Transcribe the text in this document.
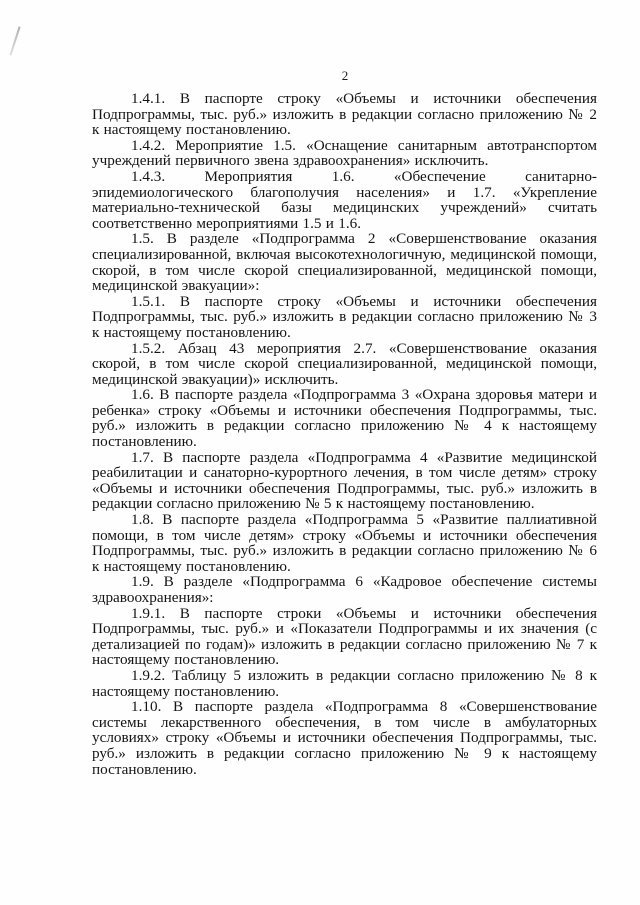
2

1.4.1. В паспорте строку «Объемы и источники обеспечения Подпрограммы, тыс. руб.» изложить в редакции согласно приложению № 2 к настоящему постановлению.

1.4.2. Мероприятие 1.5. «Оснащение санитарным автотранспортом учреждений первичного звена здравоохранения» исключить.

1.4.3. Мероприятия 1.6. «Обеспечение санитарно-эпидемиологического благополучия населения» и 1.7. «Укрепление материально-технической базы медицинских учреждений» считать соответственно мероприятиями 1.5 и 1.6.

1.5. В разделе «Подпрограмма 2 «Совершенствование оказания специализированной, включая высокотехнологичную, медицинской помощи, скорой, в том числе скорой специализированной, медицинской помощи, медицинской эвакуации»:

1.5.1. В паспорте строку «Объемы и источники обеспечения Подпрограммы, тыс. руб.» изложить в редакции согласно приложению № 3 к настоящему постановлению.

1.5.2. Абзац 43 мероприятия 2.7. «Совершенствование оказания скорой, в том числе скорой специализированной, медицинской помощи, медицинской эвакуации)» исключить.

1.6. В паспорте раздела «Подпрограмма 3 «Охрана здоровья матери и ребенка» строку «Объемы и источники обеспечения Подпрограммы, тыс. руб.» изложить в редакции согласно приложению № 4 к настоящему постановлению.

1.7. В паспорте раздела «Подпрограмма 4 «Развитие медицинской реабилитации и санаторно-курортного лечения, в том числе детям» строку «Объемы и источники обеспечения Подпрограммы, тыс. руб.» изложить в редакции согласно приложению № 5 к настоящему постановлению.

1.8. В паспорте раздела «Подпрограмма 5 «Развитие паллиативной помощи, в том числе детям» строку «Объемы и источники обеспечения Подпрограммы, тыс. руб.» изложить в редакции согласно приложению № 6 к настоящему постановлению.

1.9. В разделе «Подпрограмма 6 «Кадровое обеспечение системы здравоохранения»:

1.9.1. В паспорте строки «Объемы и источники обеспечения Подпрограммы, тыс. руб.» и «Показатели Подпрограммы и их значения (с детализацией по годам)» изложить в редакции согласно приложению № 7 к настоящему постановлению.

1.9.2. Таблицу 5 изложить в редакции согласно приложению № 8 к настоящему постановлению.

1.10. В паспорте раздела «Подпрограмма 8 «Совершенствование системы лекарственного обеспечения, в том числе в амбулаторных условиях» строку «Объемы и источники обеспечения Подпрограммы, тыс. руб.» изложить в редакции согласно приложению № 9 к настоящему постановлению.
